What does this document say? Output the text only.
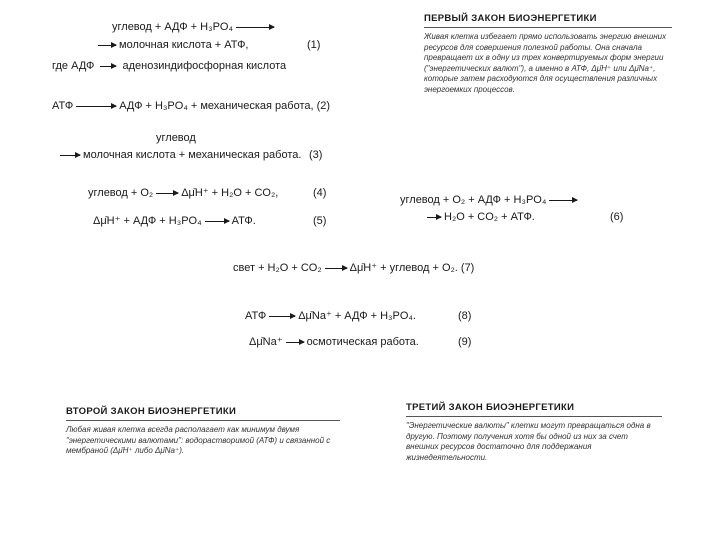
углевод + АДФ + H₃PO₄
молочная кислота + АТФ,	(1)
где АДФ	аденозиндифосфорная кислота
АТФ	АДФ + H₃PO₄ + механическая работа, (2)
углевод
молочная кислота + механическая работа. (3)
ПЕРВЫЙ ЗАКОН БИОЭНЕРГЕТИКИ
Живая клетка избегает прямо использовать энергию внешних ресурсов для совершения полезной работы. Она сначала превращает их в одну из трех конвертируемых форм энергии ("энергетических валют"), а именно в АТФ, Δμ̄H⁺ или Δμ̄Na⁺, которые затем расходуются для осуществления различных энергоемких процессов.
углевод + O₂	Δμ̄H⁺ + H₂O + CO₂,	(4)
Δμ̄H⁺ + АДФ + H₃PO₄	АТФ.	(5)
углевод + O₂ + АДФ + H₃PO₄
H₂O + CO₂ + АТФ.	(6)
свет + H₂O + CO₂	Δμ̄H⁺ + углевод + O₂. (7)
АТФ	Δμ̄Na⁺ + АДФ + H₃PO₄.	(8)
Δμ̄Na⁺ осмотическая работа.	(9)
ВТОРОЙ ЗАКОН БИОЭНЕРГЕТИКИ
Любая живая клетка всегда располагает как минимум двумя "энергетическими валютами": водорастворимой (АТФ) и связанной с мембраной (Δμ̄H⁺ либо Δμ̄Na⁺).
ТРЕТИЙ ЗАКОН БИОЭНЕРГЕТИКИ
"Энергетические валюты" клетки могут превращаться одна в другую. Поэтому получения хотя бы одной из них за счет внешних ресурсов достаточно для поддержания жизнедеятельности.
